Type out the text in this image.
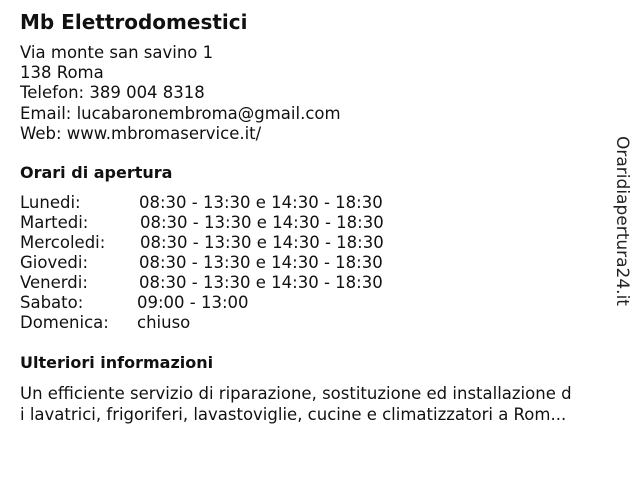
Mb Elettrodomestici
Via monte san savino 1
138 Roma
Telefon: 389 004 8318
Email: lucabaronembroma@gmail.com
Web: www.mbromaservice.it/
Orari di apertura
Lunedi:	08:30 - 13:30 e 14:30 - 18:30
Martedi:	08:30 - 13:30 e 14:30 - 18:30
Mercoledi: 08:30 - 13:30 e 14:30 - 18:30
Giovedi:	08:30 - 13:30 e 14:30 - 18:30
Venerdi:	08:30 - 13:30 e 14:30 - 18:30
Sabato:	09:00 - 13:00
Domenica: chiuso
Ulteriori informazioni
Un efficiente servizio di riparazione, sostituzione ed installazione d
i lavatrici, frigoriferi, lavastoviglie, cucine e climatizzatori a Rom...
Oraridiapertura24.it
